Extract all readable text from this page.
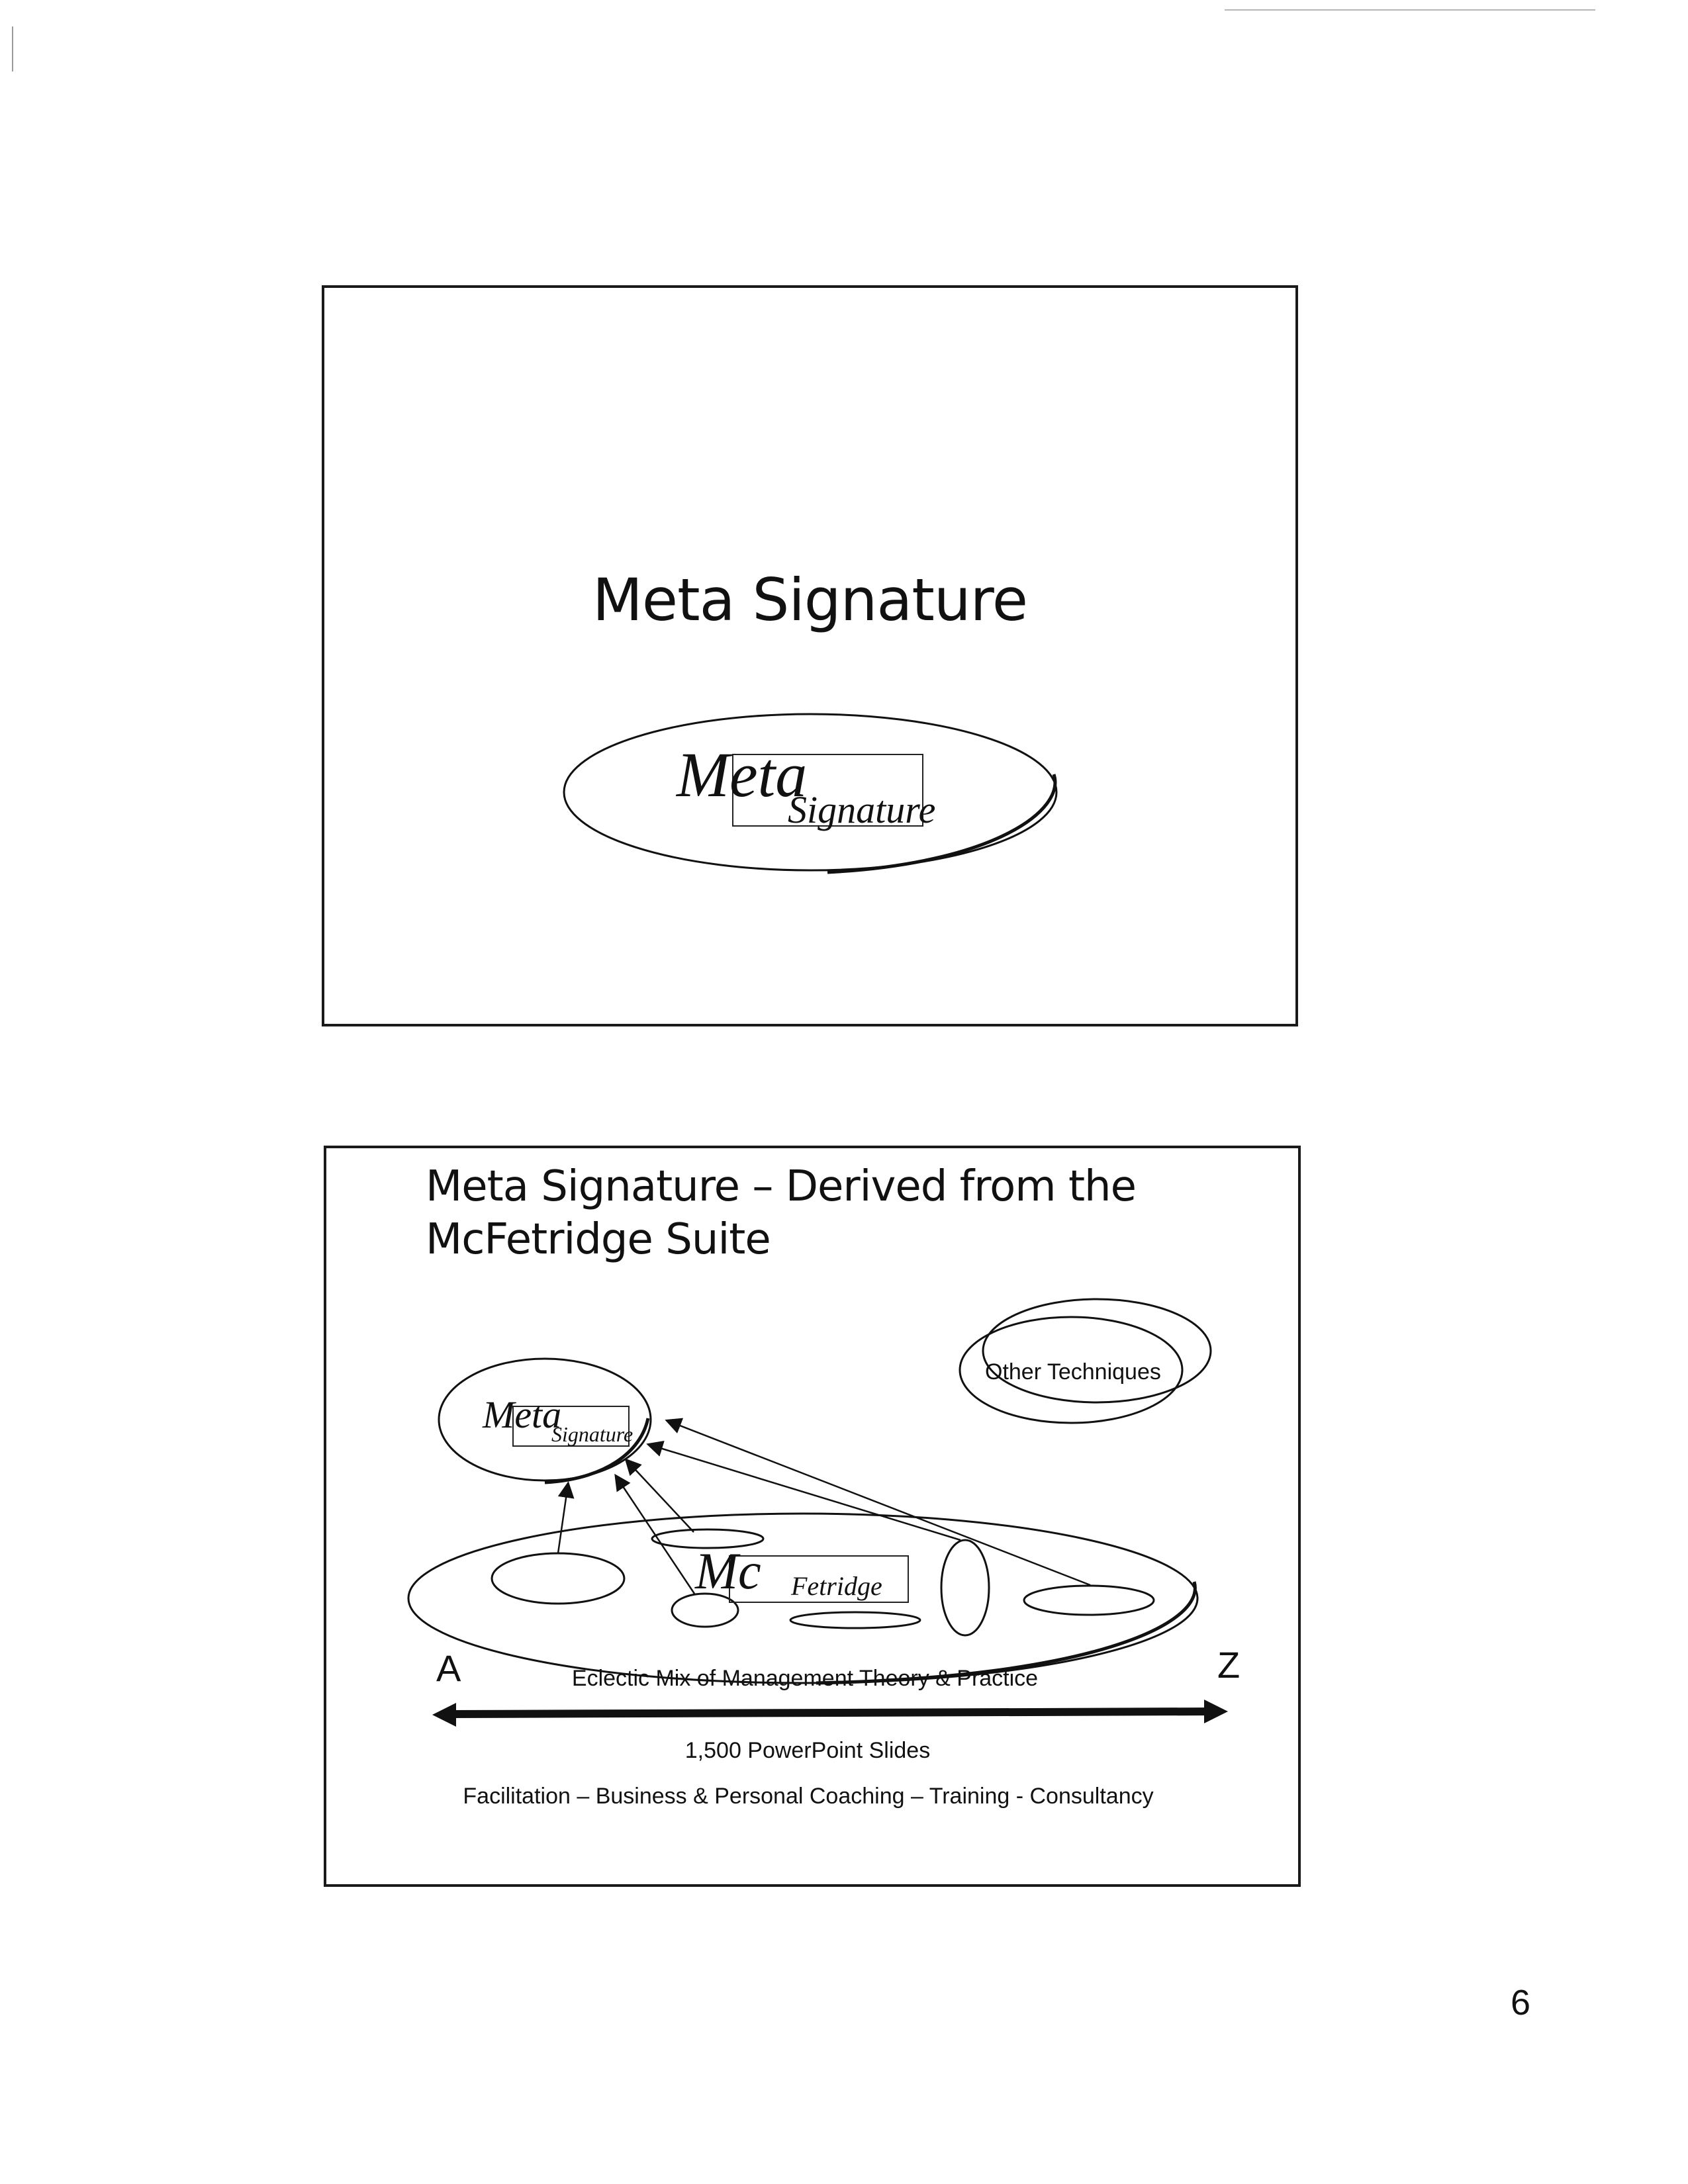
Meta Signature
Meta
Signature
Meta Signature – Derived from the
McFetridge Suite
Other Techniques
Meta
Signature
Mc Fetridge
A	Z
Eclectic Mix of Management Theory & Practice
1,500 PowerPoint Slides
Facilitation – Business & Personal Coaching – Training - Consultancy
6
